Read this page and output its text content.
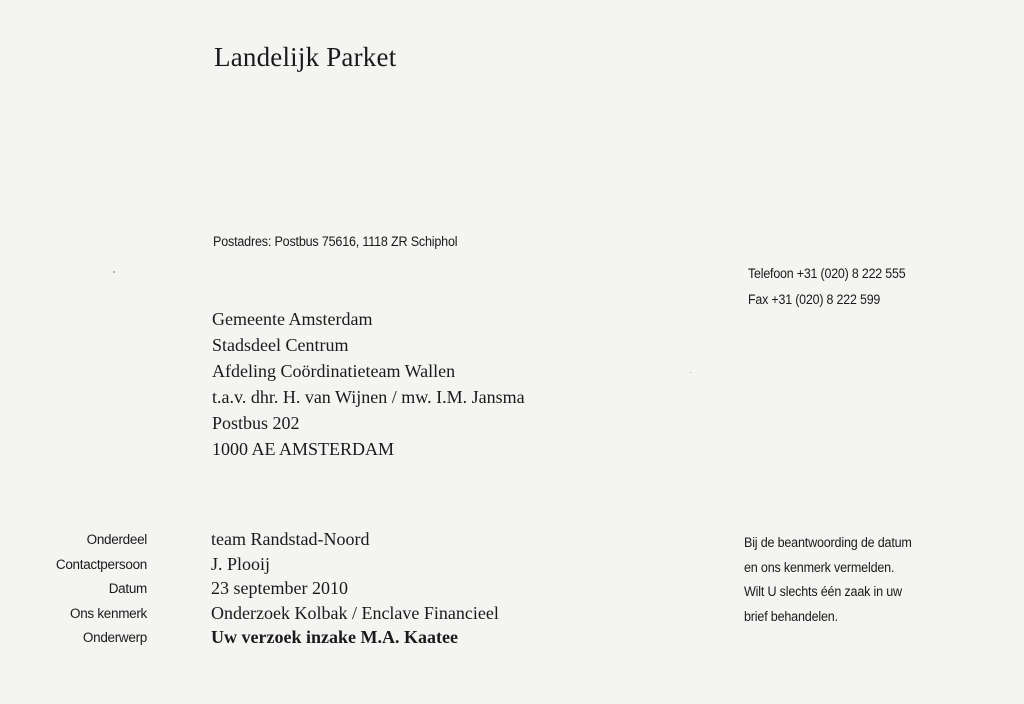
Landelijk Parket
Postadres: Postbus 75616, 1118 ZR Schiphol
Telefoon +31 (020) 8 222 555
Fax +31 (020) 8 222 599
Gemeente Amsterdam
Stadsdeel Centrum
Afdeling Coördinatieteam Wallen
t.a.v. dhr. H. van Wijnen / mw. I.M. Jansma
Postbus 202
1000 AE AMSTERDAM
Onderdeel
Contactpersoon
Datum
Ons kenmerk
Onderwerp
team Randstad-Noord
J. Plooij
23 september 2010
Onderzoek Kolbak / Enclave Financieel
Uw verzoek inzake M.A. Kaatee
Bij de beantwoording de datum
en ons kenmerk vermelden.
Wilt U slechts één zaak in uw
brief behandelen.
